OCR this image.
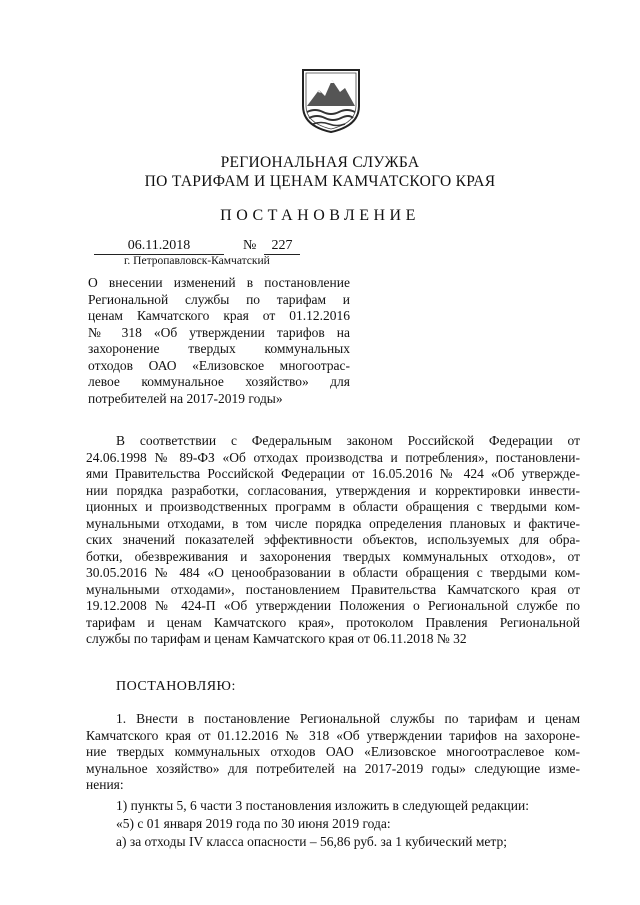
РЕГИОНАЛЬНАЯ СЛУЖБА
ПО ТАРИФАМ И ЦЕНАМ КАМЧАТСКОГО КРАЯ
ПОСТАНОВЛЕНИЕ
06.11.2018	№	227
г. Петропавловск-Камчатский
О внесении изменений в постановление
Региональной службы по тарифам и
ценам Камчатского края от 01.12.2016
№ 318 «Об утверждении тарифов на
захоронение твердых коммунальных
отходов ОАО «Елизовское многоотрас-
левое коммунальное хозяйство» для
потребителей на 2017-2019 годы»
В соответствии с Федеральным законом Российской Федерации от
24.06.1998 № 89-ФЗ «Об отходах производства и потребления», постановлени-
ями Правительства Российской Федерации от 16.05.2016 № 424 «Об утвержде-
нии порядка разработки, согласования, утверждения и корректировки инвести-
ционных и производственных программ в области обращения с твердыми ком-
мунальными отходами, в том числе порядка определения плановых и фактиче-
ских значений показателей эффективности объектов, используемых для обра-
ботки, обезвреживания и захоронения твердых коммунальных отходов», от
30.05.2016 № 484 «О ценообразовании в области обращения с твердыми ком-
мунальными отходами», постановлением Правительства Камчатского края от
19.12.2008 № 424-П «Об утверждении Положения о Региональной службе по
тарифам и ценам Камчатского края», протоколом Правления Региональной
службы по тарифам и ценам Камчатского края от 06.11.2018 № 32
ПОСТАНОВЛЯЮ:
1. Внести в постановление Региональной службы по тарифам и ценам
Камчатского края от 01.12.2016 № 318 «Об утверждении тарифов на захороне-
ние твердых коммунальных отходов ОАО «Елизовское многоотраслевое ком-
мунальное хозяйство» для потребителей на 2017-2019 годы» следующие изме-
нения:
1) пункты 5, 6 части 3 постановления изложить в следующей редакции:
«5) с 01 января 2019 года по 30 июня 2019 года:
а) за отходы IV класса опасности – 56,86 руб. за 1 кубический метр;
